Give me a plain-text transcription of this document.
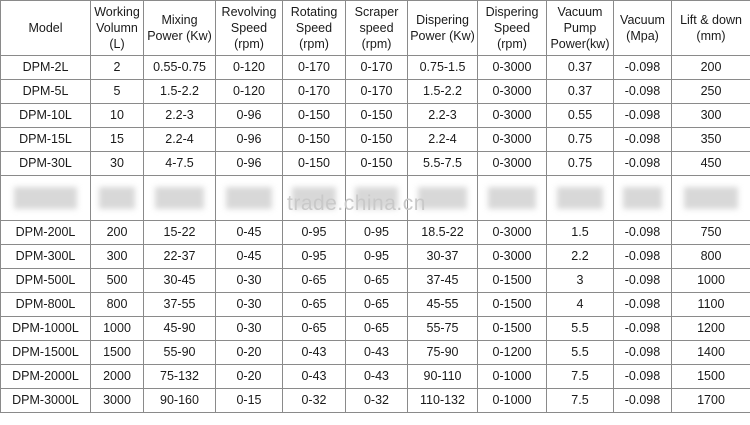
Model	Working Volumn (L)	Mixing Power (Kw)	Revolving Speed (rpm)	Rotating Speed (rpm)	Scraper speed (rpm)	Dispering Power (Kw)	Dispering Speed (rpm)	Vacuum Pump Power(kw)	Vacuum (Mpa)	Lift & down (mm)
DPM-2L	2	0.55-0.75	0-120	0-170	0-170	0.75-1.5	0-3000	0.37	-0.098	200
DPM-5L	5	1.5-2.2	0-120	0-170	0-170	1.5-2.2	0-3000	0.37	-0.098	250
DPM-10L	10	2.2-3	0-96	0-150	0-150	2.2-3	0-3000	0.55	-0.098	300
DPM-15L	15	2.2-4	0-96	0-150	0-150	2.2-4	0-3000	0.75	-0.098	350
DPM-30L	30	4-7.5	0-96	0-150	0-150	5.5-7.5	0-3000	0.75	-0.098	450

DPM-200L	200	15-22	0-45	0-95	0-95	18.5-22	0-3000	1.5	-0.098	750
DPM-300L	300	22-37	0-45	0-95	0-95	30-37	0-3000	2.2	-0.098	800
DPM-500L	500	30-45	0-30	0-65	0-65	37-45	0-1500	3	-0.098	1000
DPM-800L	800	37-55	0-30	0-65	0-65	45-55	0-1500	4	-0.098	1100
DPM-1000L	1000	45-90	0-30	0-65	0-65	55-75	0-1500	5.5	-0.098	1200
DPM-1500L	1500	55-90	0-20	0-43	0-43	75-90	0-1200	5.5	-0.098	1400
DPM-2000L	2000	75-132	0-20	0-43	0-43	90-110	0-1000	7.5	-0.098	1500
DPM-3000L	3000	90-160	0-15	0-32	0-32	110-132	0-1000	7.5	-0.098	1700
trade.china.cn
